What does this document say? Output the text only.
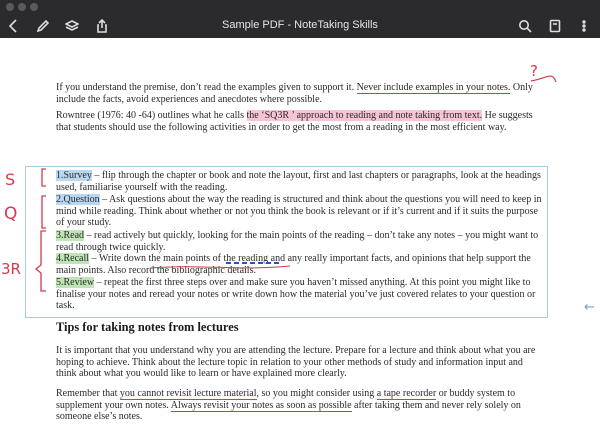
Sample PDF - NoteTaking Skills
If you understand the premise, don’t read the examples given to support it. Never include examples in your notes. Only include the facts, avoid experiences and anecdotes where possible.
Rowntree (1976: 40 -64) outlines what he calls the ‘SQ3R ’ approach to reading and note taking from text. He suggests that students should use the following activities in order to get the most from a reading in the most efficient way.
1.Survey – flip through the chapter or book and note the layout, first and last chapters or paragraphs, look at the headings used, familiarise yourself with the reading.
2.Question – Ask questions about the way the reading is structured and think about the questions you will need to keep in mind while reading. Think about whether or not you think the book is relevant or if it’s current and if it suits the purpose of your study.
3.Read – read actively but quickly, looking for the main points of the reading – don’t take any notes – you might want to read through twice quickly.
4.Recall – Write down the main points of the reading and any really important facts, and opinions that help support the main points. Also record the bibliographic details.
5.Review – repeat the first three steps over and make sure you haven’t missed anything. At this point you might like to finalise your notes and reread your notes or write down how the material you’ve just covered relates to your question or task.
Tips for taking notes from lectures
It is important that you understand why you are attending the lecture. Prepare for a lecture and think about what you are hoping to achieve. Think about the lecture topic in relation to your other methods of study and information input and think about what you would like to learn or have explained more clearly.
Remember that you cannot revisit lecture material, so you might consider using a tape recorder or buddy system to supplement your own notes. Always revisit your notes as soon as possible after taking them and never rely solely on someone else’s notes.
?
S
Q
3R
←
